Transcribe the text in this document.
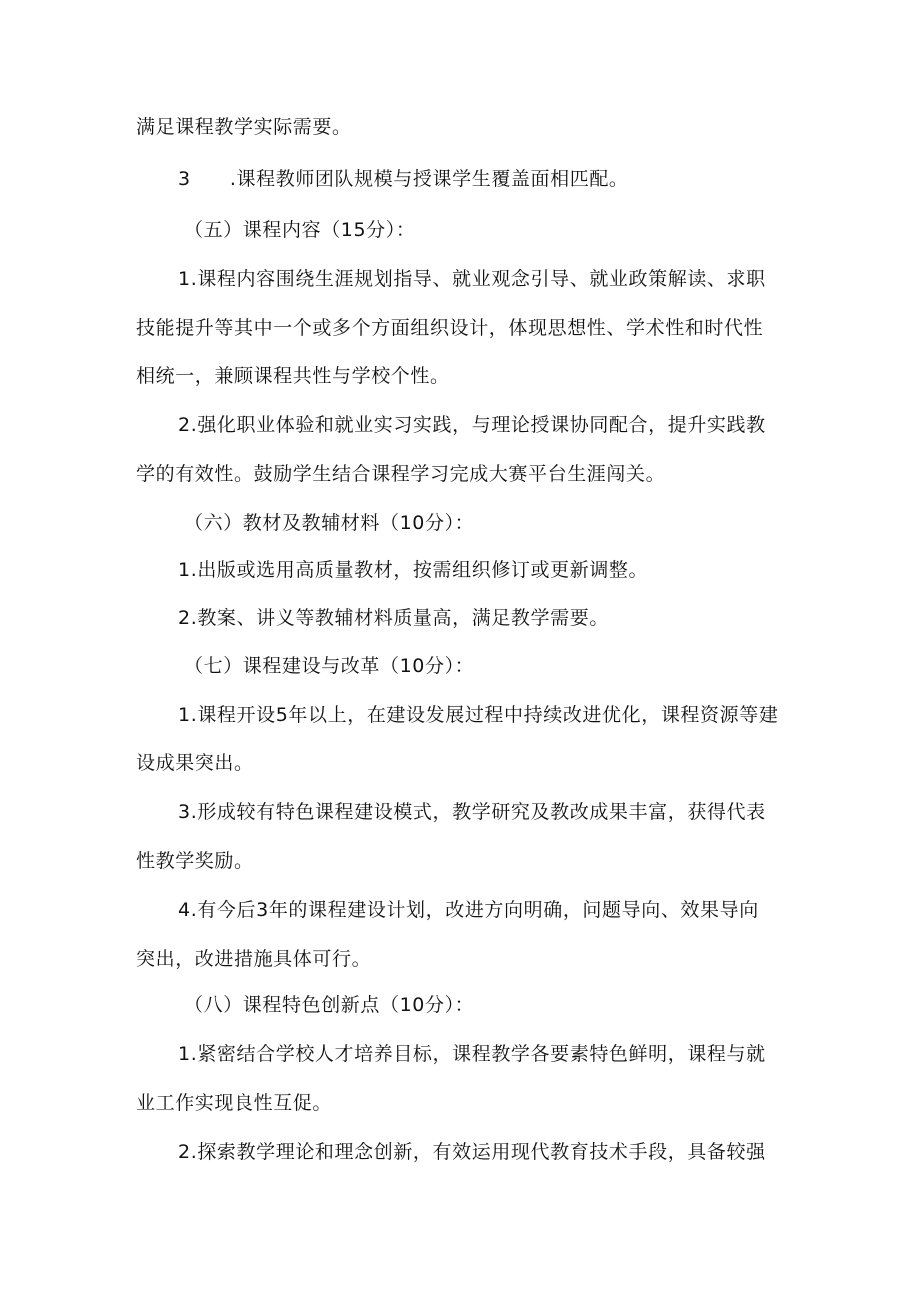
满足课程教学实际需要。
3　　.课程教师团队规模与授课学生覆盖面相匹配。
（五）课程内容（15分）：
1.课程内容围绕生涯规划指导、就业观念引导、就业政策解读、求职
技能提升等其中一个或多个方面组织设计，体现思想性、学术性和时代性
相统一，兼顾课程共性与学校个性。
2.强化职业体验和就业实习实践，与理论授课协同配合，提升实践教
学的有效性。鼓励学生结合课程学习完成大赛平台生涯闯关。
（六）教材及教辅材料（10分）：
1.出版或选用高质量教材，按需组织修订或更新调整。
2.教案、讲义等教辅材料质量高，满足教学需要。
（七）课程建设与改革（10分）：
1.课程开设5年以上，在建设发展过程中持续改进优化，课程资源等建
设成果突出。
3.形成较有特色课程建设模式，教学研究及教改成果丰富，获得代表
性教学奖励。
4.有今后3年的课程建设计划，改进方向明确，问题导向、效果导向
突出，改进措施具体可行。
（八）课程特色创新点（10分）：
1.紧密结合学校人才培养目标，课程教学各要素特色鲜明，课程与就
业工作实现良性互促。
2.探索教学理论和理念创新，有效运用现代教育技术手段，具备较强
